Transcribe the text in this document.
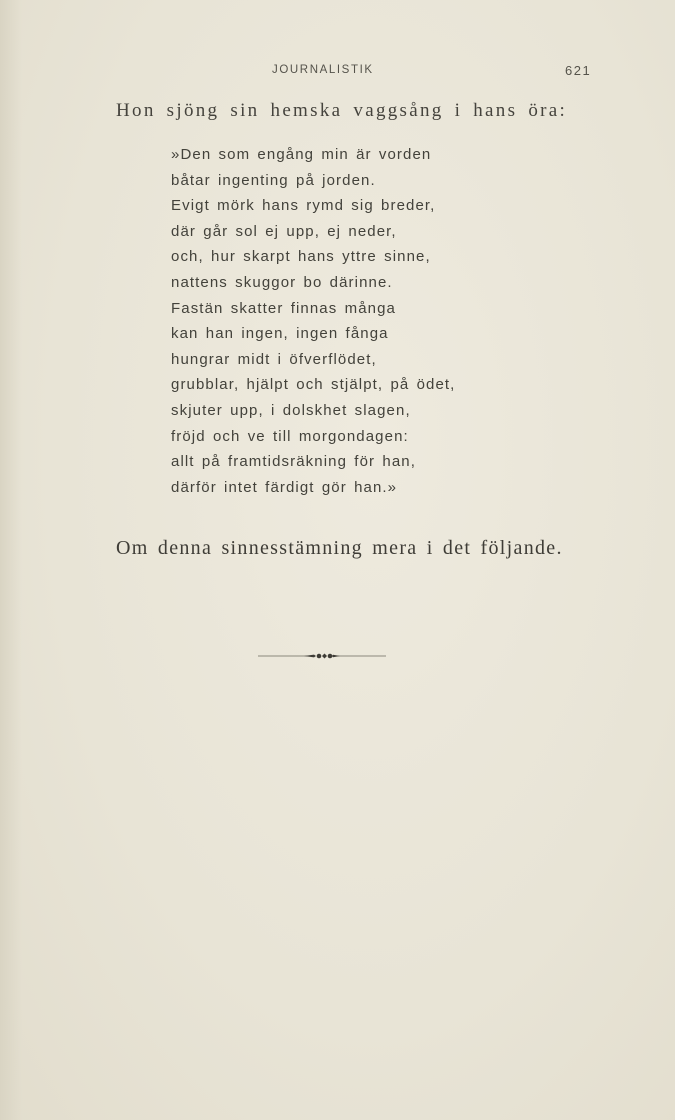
JOURNALISTIK	621
Hon sjöng sin hemska vaggsång i hans öra:
»Den som engång min är vorden
båtar ingenting på jorden.
Evigt mörk hans rymd sig breder,
där går sol ej upp, ej neder,
och, hur skarpt hans yttre sinne,
nattens skuggor bo därinne.
Fastän skatter finnas många
kan han ingen, ingen fånga
hungrar midt i öfverflödet,
grubblar, hjälpt och stjälpt, på ödet,
skjuter upp, i dolskhet slagen,
fröjd och ve till morgondagen:
allt på framtidsräkning för han,
därför intet färdigt gör han.»
Om denna sinnesstämning mera i det följande.
